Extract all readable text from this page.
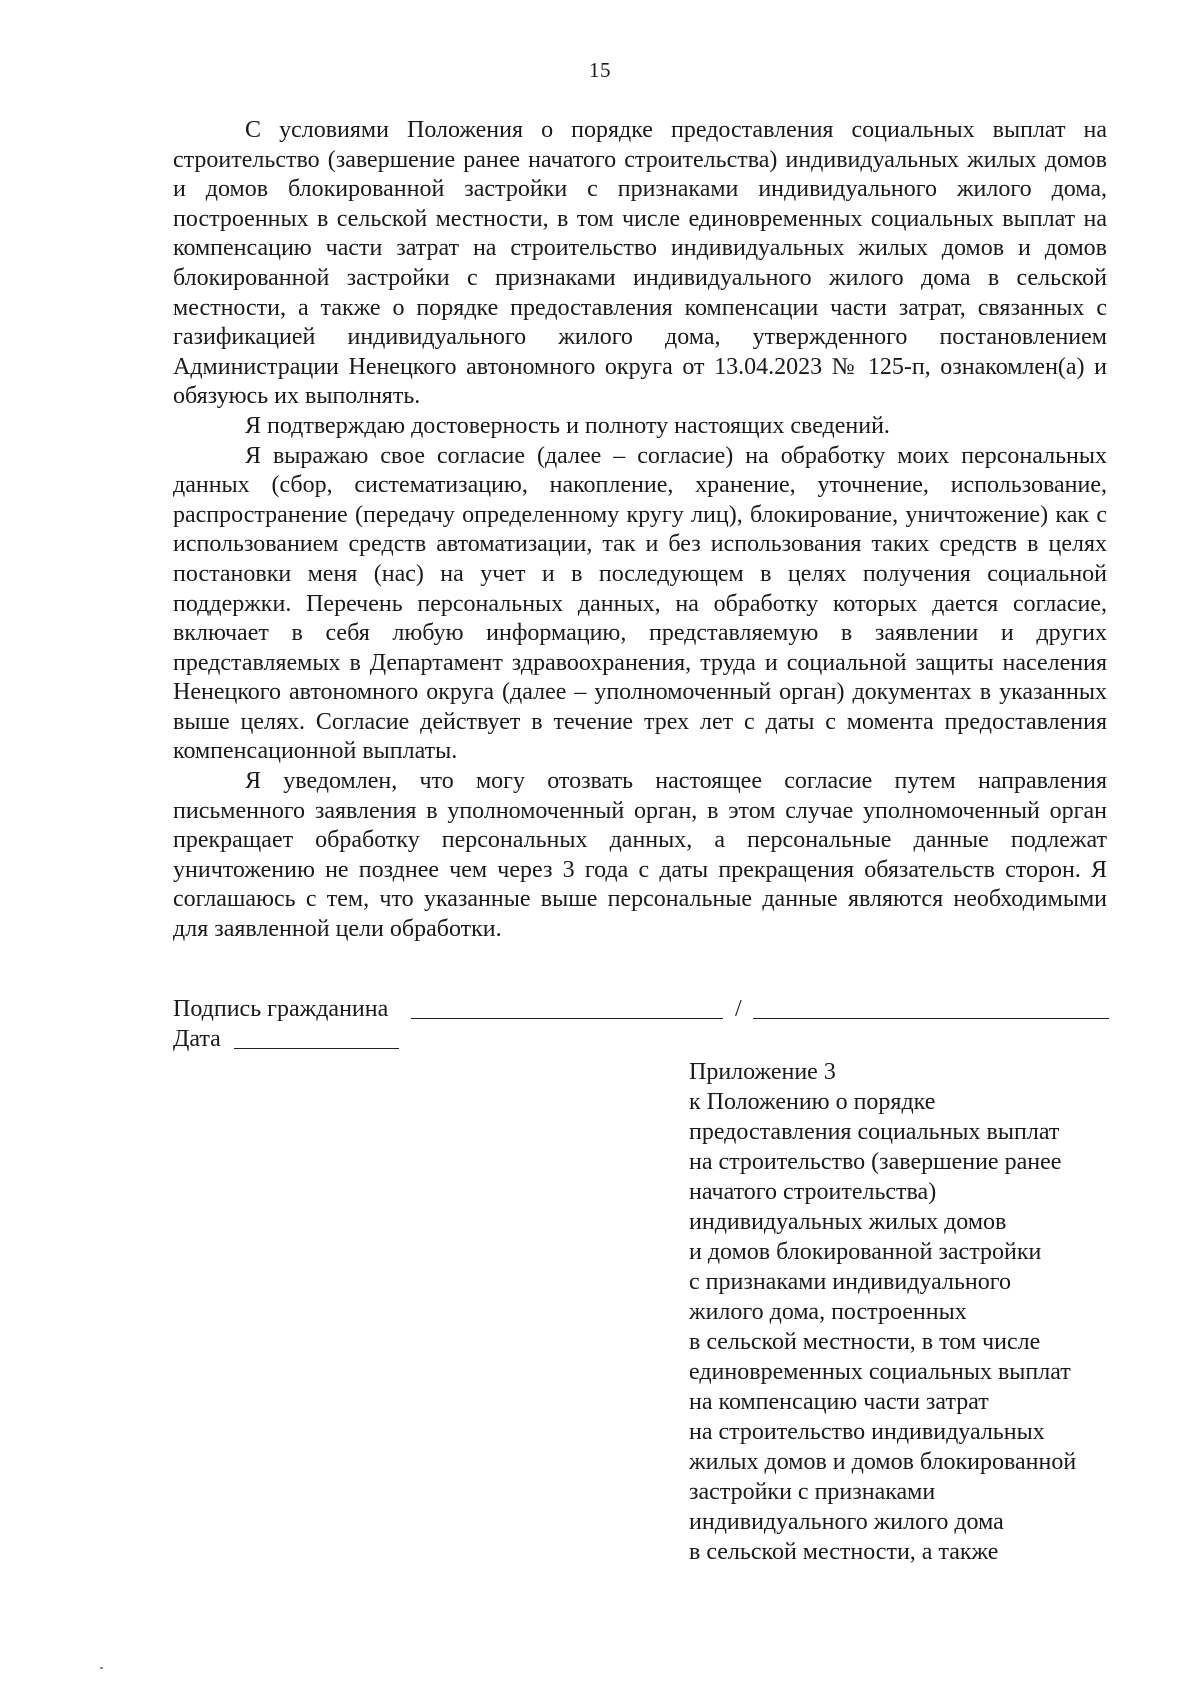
15

С условиями Положения о порядке предоставления социальных выплат на строительство (завершение ранее начатого строительства) индивидуальных жилых домов и домов блокированной застройки с признаками индивидуального жилого дома, построенных в сельской местности, в том числе единовременных социальных выплат на компенсацию части затрат на строительство индивидуальных жилых домов и домов блокированной застройки с признаками индивидуального жилого дома в сельской местности, а также о порядке предоставления компенсации части затрат, связанных с газификацией индивидуального жилого дома, утвержденного постановлением Администрации Ненецкого автономного округа от 13.04.2023 № 125-п, ознакомлен(а) и обязуюсь их выполнять.

Я подтверждаю достоверность и полноту настоящих сведений.

Я выражаю свое согласие (далее – согласие) на обработку моих персональных данных (сбор, систематизацию, накопление, хранение, уточнение, использование, распространение (передачу определенному кругу лиц), блокирование, уничтожение) как с использованием средств автоматизации, так и без использования таких средств в целях постановки меня (нас) на учет и в последующем в целях получения социальной поддержки. Перечень персональных данных, на обработку которых дается согласие, включает в себя любую информацию, представляемую в заявлении и других представляемых в Департамент здравоохранения, труда и социальной защиты населения Ненецкого автономного округа (далее – уполномоченный орган) документах в указанных выше целях. Согласие действует в течение трех лет с даты с момента предоставления компенсационной выплаты.

Я уведомлен, что могу отозвать настоящее согласие путем направления письменного заявления в уполномоченный орган, в этом случае уполномоченный орган прекращает обработку персональных данных, а персональные данные подлежат уничтожению не позднее чем через 3 года с даты прекращения обязательств сторон. Я соглашаюсь с тем, что указанные выше персональные данные являются необходимыми для заявленной цели обработки.

Подпись гражданина	/
Дата
Приложение 3
к Положению о порядке
предоставления социальных выплат
на строительство (завершение ранее
начатого строительства)
индивидуальных жилых домов
и домов блокированной застройки
с признаками индивидуального
жилого дома, построенных
в сельской местности, в том числе
единовременных социальных выплат
на компенсацию части затрат
на строительство индивидуальных
жилых домов и домов блокированной
застройки с признаками
индивидуального жилого дома
в сельской местности, а также
